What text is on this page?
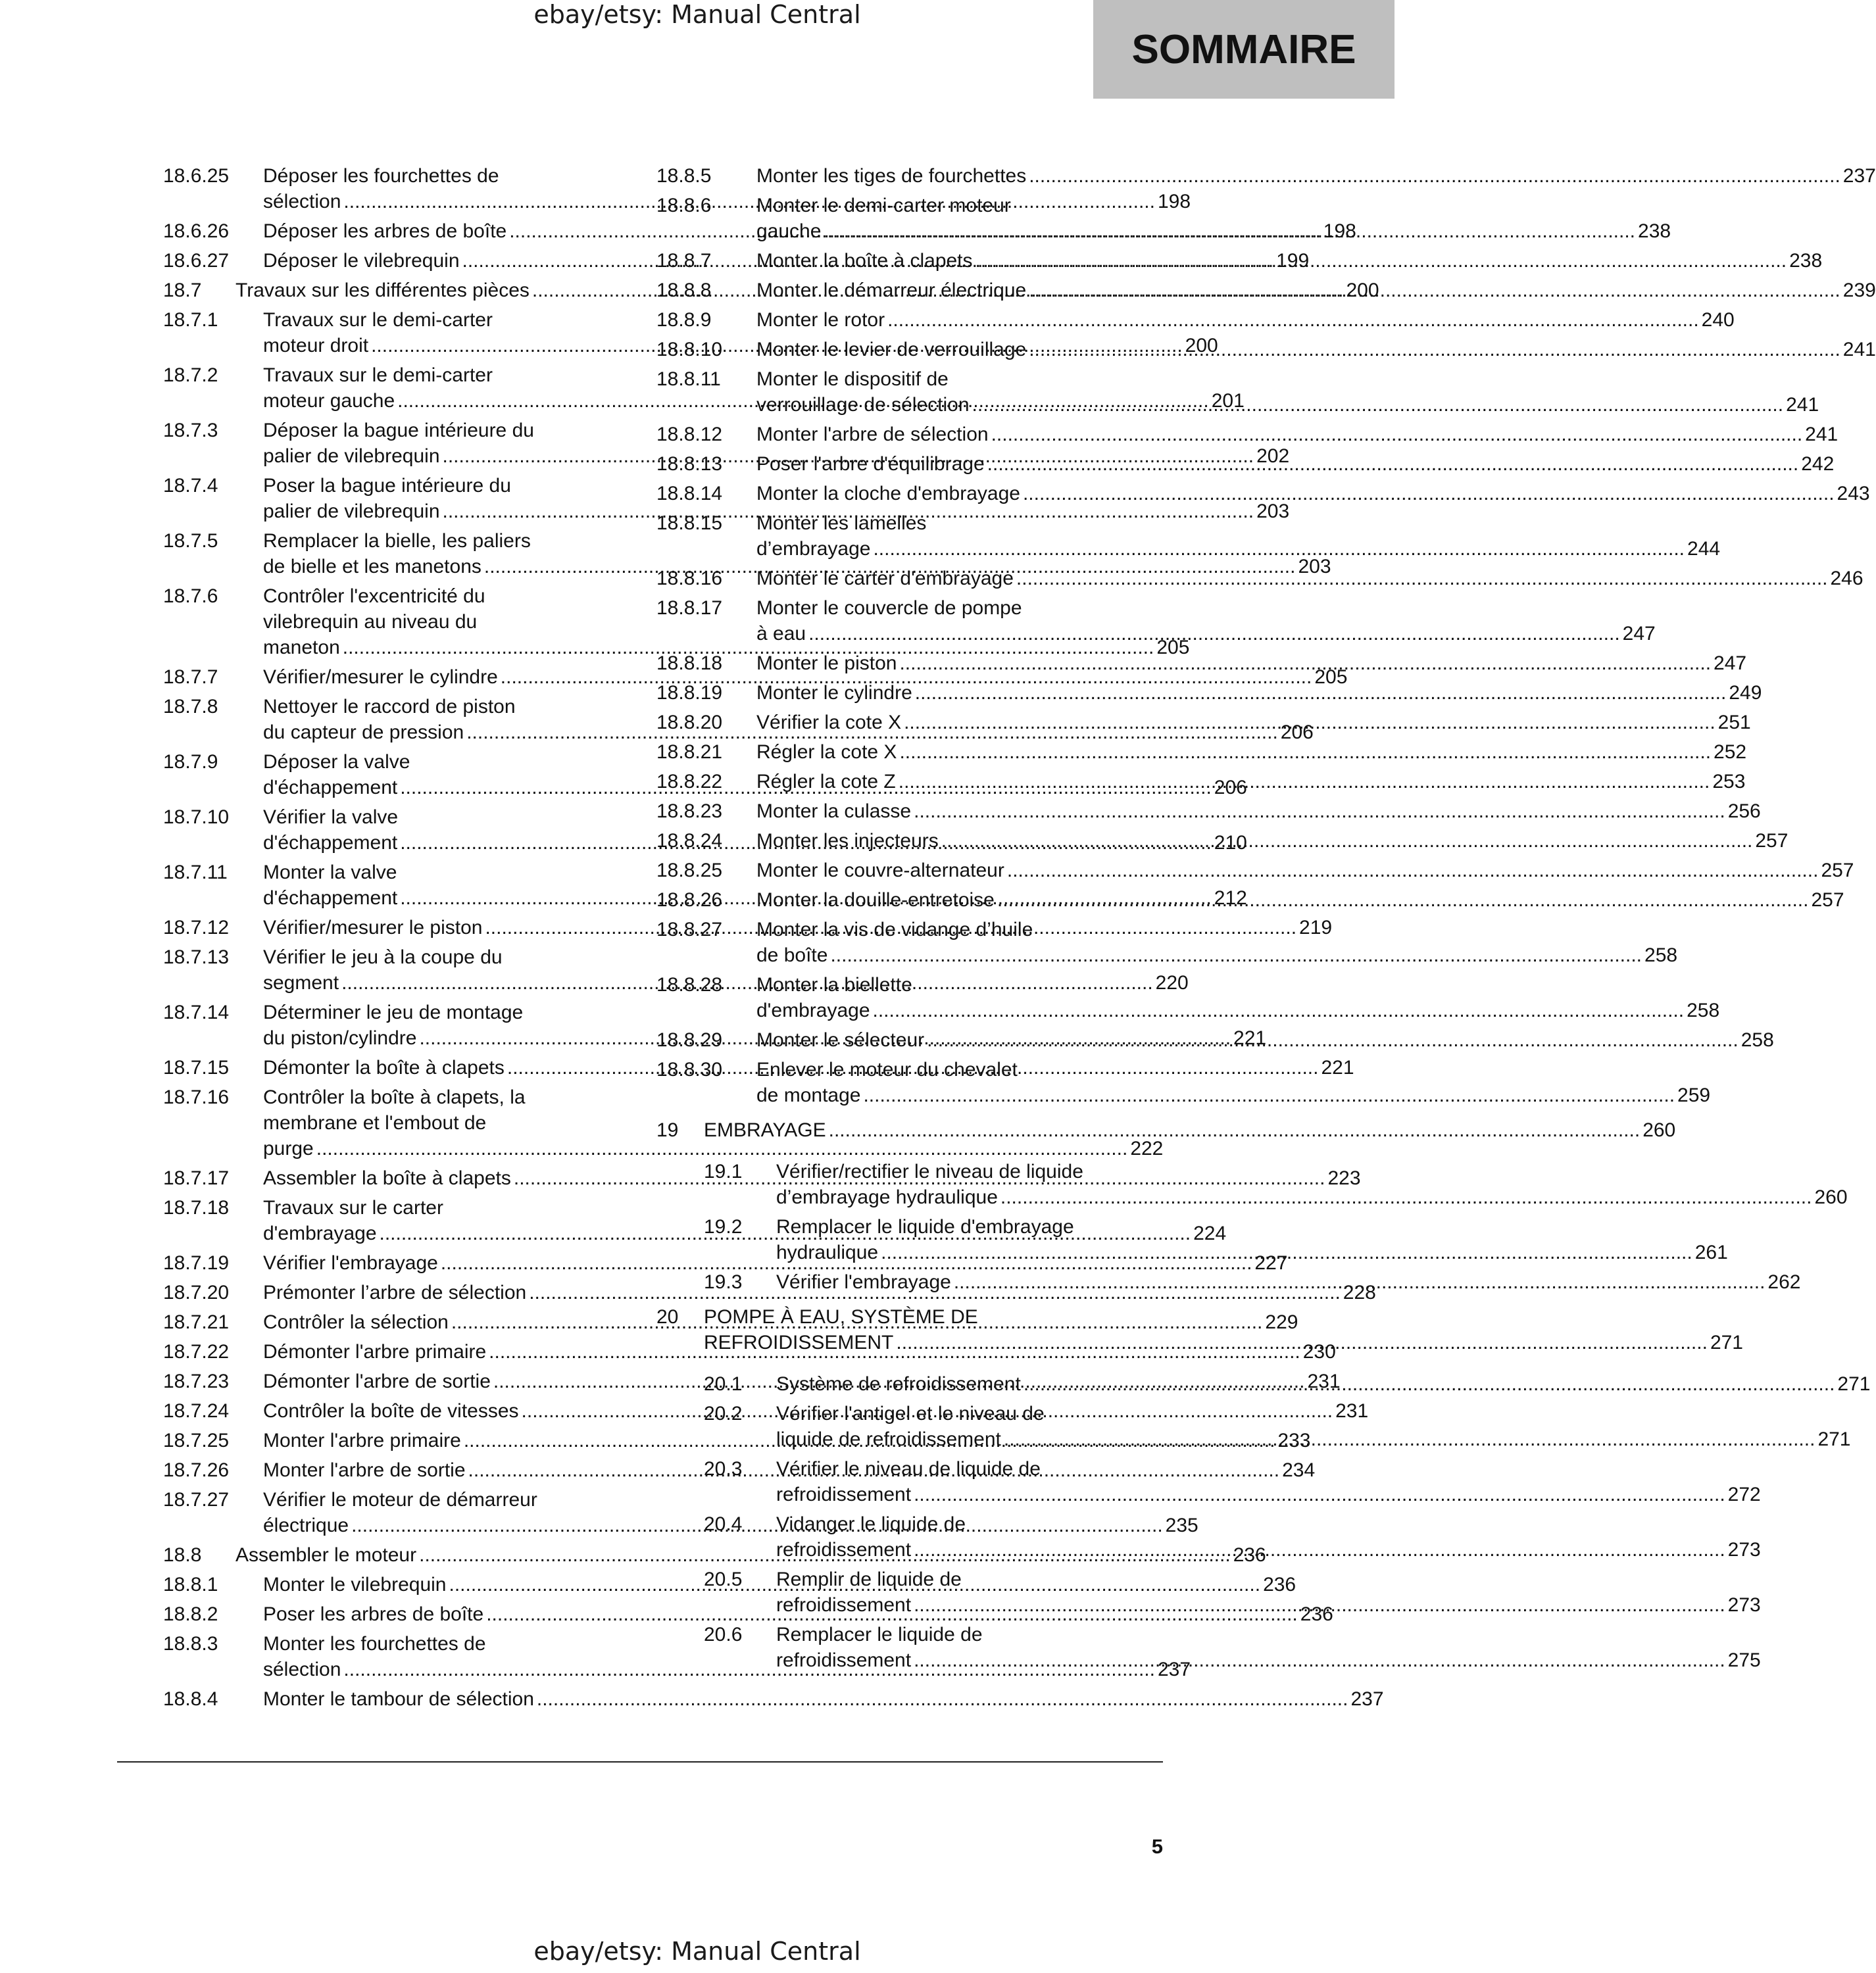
ebay/etsy: Manual Central
SOMMAIRE
18.6.25	Déposer les fourchettes de
sélection .....	198
18.6.26	Déposer les arbres de boîte .....	198
18.6.27	Déposer le vilebrequin .....	199
18.7	Travaux sur les différentes pièces .....	200
18.7.1	Travaux sur le demi-carter
moteur droit .....	200
18.7.2	Travaux sur le demi-carter
moteur gauche .....	201
18.7.3	Déposer la bague intérieure du
palier de vilebrequin .....	202
18.7.4	Poser la bague intérieure du
palier de vilebrequin .....	203
18.7.5	Remplacer la bielle, les paliers
de bielle et les manetons .....	203
18.7.6	Contrôler l'excentricité du
vilebrequin au niveau du
maneton .....	205
18.7.7	Vérifier/mesurer le cylindre .....	205
18.7.8	Nettoyer le raccord de piston
du capteur de pression .....	206
18.7.9	Déposer la valve
d'échappement .....	206
18.7.10	Vérifier la valve
d'échappement .....	210
18.7.11	Monter la valve
d'échappement .....	212
18.7.12	Vérifier/mesurer le piston .....	219
18.7.13	Vérifier le jeu à la coupe du
segment .....	220
18.7.14	Déterminer le jeu de montage
du piston/cylindre .....	221
18.7.15	Démonter la boîte à clapets .....	221
18.7.16	Contrôler la boîte à clapets, la
membrane et l'embout de
purge .....	222
18.7.17	Assembler la boîte à clapets .....	223
18.7.18	Travaux sur le carter
d'embrayage .....	224
18.7.19	Vérifier l'embrayage .....	227
18.7.20	Prémonter l’arbre de sélection .....	228
18.7.21	Contrôler la sélection .....	229
18.7.22	Démonter l'arbre primaire .....	230
18.7.23	Démonter l'arbre de sortie .....	231
18.7.24	Contrôler la boîte de vitesses .....	231
18.7.25	Monter l'arbre primaire .....	233
18.7.26	Monter l'arbre de sortie .....	234
18.7.27	Vérifier le moteur de démarreur
électrique .....	235
18.8	Assembler le moteur .....	236
18.8.1	Monter le vilebrequin .....	236
18.8.2	Poser les arbres de boîte .....	236
18.8.3	Monter les fourchettes de
sélection .....	237
18.8.4	Monter le tambour de sélection .....	237
18.8.5	Monter les tiges de fourchettes .....	237
18.8.6	Monter le demi-carter moteur
gauche .....	238
18.8.7	Monter la boîte à clapets .....	238
18.8.8	Monter le démarreur électrique .....	239
18.8.9	Monter le rotor .....	240
18.8.10	Monter le levier de verrouillage .....	241
18.8.11	Monter le dispositif de
verrouillage de sélection .....	241
18.8.12	Monter l'arbre de sélection .....	241
18.8.13	Poser l'arbre d'équilibrage .....	242
18.8.14	Monter la cloche d'embrayage .....	243
18.8.15	Monter les lamelles
d’embrayage .....	244
18.8.16	Monter le carter d'embrayage .....	246
18.8.17	Monter le couvercle de pompe
à eau .....	247
18.8.18	Monter le piston .....	247
18.8.19	Monter le cylindre .....	249
18.8.20	Vérifier la cote X .....	251
18.8.21	Régler la cote X .....	252
18.8.22	Régler la cote Z .....	253
18.8.23	Monter la culasse .....	256
18.8.24	Monter les injecteurs .....	257
18.8.25	Monter le couvre-alternateur .....	257
18.8.26	Monter la douille-entretoise .....	257
18.8.27	Monter la vis de vidange d’huile
de boîte .....	258
18.8.28	Monter la biellette
d'embrayage .....	258
18.8.29	Monter le sélecteur .....	258
18.8.30	Enlever le moteur du chevalet
de montage .....	259
19	EMBRAYAGE .....	260
19.1	Vérifier/rectifier le niveau de liquide
d’embrayage hydraulique .....	260
19.2	Remplacer le liquide d'embrayage
hydraulique .....	261
19.3	Vérifier l'embrayage .....	262
20	POMPE À EAU, SYSTÈME DE
REFROIDISSEMENT .....	271
20.1	Système de refroidissement .....	271
20.2	Vérifier l'antigel et le niveau de
liquide de refroidissement .....	271
20.3	Vérifier le niveau de liquide de
refroidissement .....	272
20.4	Vidanger le liquide de
refroidissement .....	273
20.5	Remplir de liquide de
refroidissement .....	273
20.6	Remplacer le liquide de
refroidissement .....	275
5
ebay/etsy: Manual Central
